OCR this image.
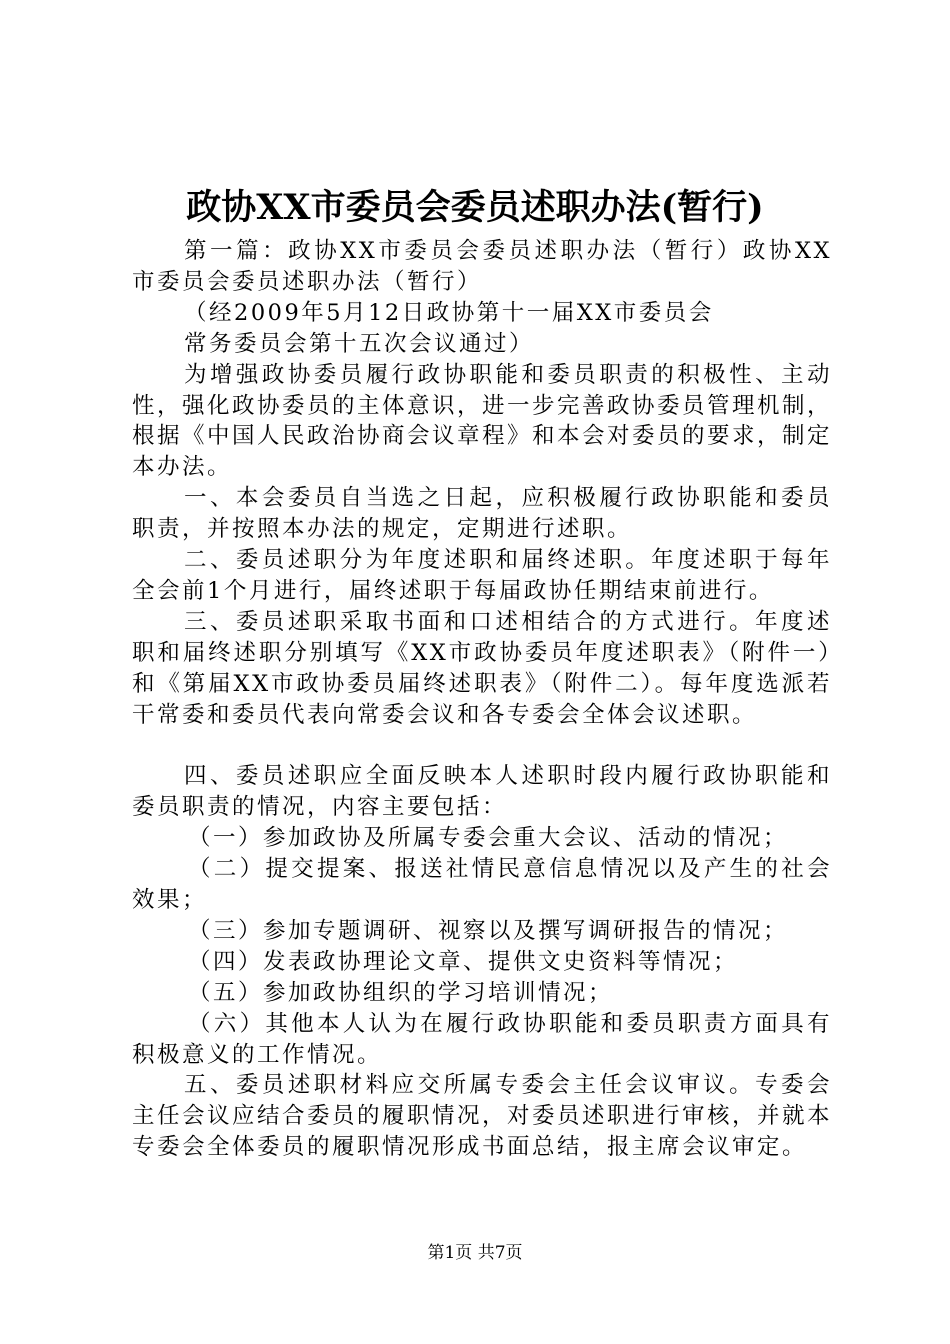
政协XX市委员会委员述职办法(暂行)

第一篇：政协XX市委员会委员述职办法（暂行）政协XX市委员会委员述职办法（暂行）

（经2009年5月12日政协第十一届XX市委员会

常务委员会第十五次会议通过）

为增强政协委员履行政协职能和委员职责的积极性、主动性，强化政协委员的主体意识，进一步完善政协委员管理机制，根据《中国人民政治协商会议章程》和本会对委员的要求，制定本办法。

一、本会委员自当选之日起，应积极履行政协职能和委员职责，并按照本办法的规定，定期进行述职。

二、委员述职分为年度述职和届终述职。年度述职于每年全会前1个月进行，届终述职于每届政协任期结束前进行。

三、委员述职采取书面和口述相结合的方式进行。年度述职和届终述职分别填写《XX市政协委员年度述职表》（附件一）和《第届XX市政协委员届终述职表》（附件二）。每年度选派若干常委和委员代表向常委会议和各专委会全体会议述职。

四、委员述职应全面反映本人述职时段内履行政协职能和委员职责的情况，内容主要包括：

（一）参加政协及所属专委会重大会议、活动的情况；

（二）提交提案、报送社情民意信息情况以及产生的社会效果；

（三）参加专题调研、视察以及撰写调研报告的情况；

（四）发表政协理论文章、提供文史资料等情况；

（五）参加政协组织的学习培训情况；

（六）其他本人认为在履行政协职能和委员职责方面具有积极意义的工作情况。

五、委员述职材料应交所属专委会主任会议审议。专委会主任会议应结合委员的履职情况，对委员述职进行审核，并就本专委会全体委员的履职情况形成书面总结，报主席会议审定。

第1页 共7页
